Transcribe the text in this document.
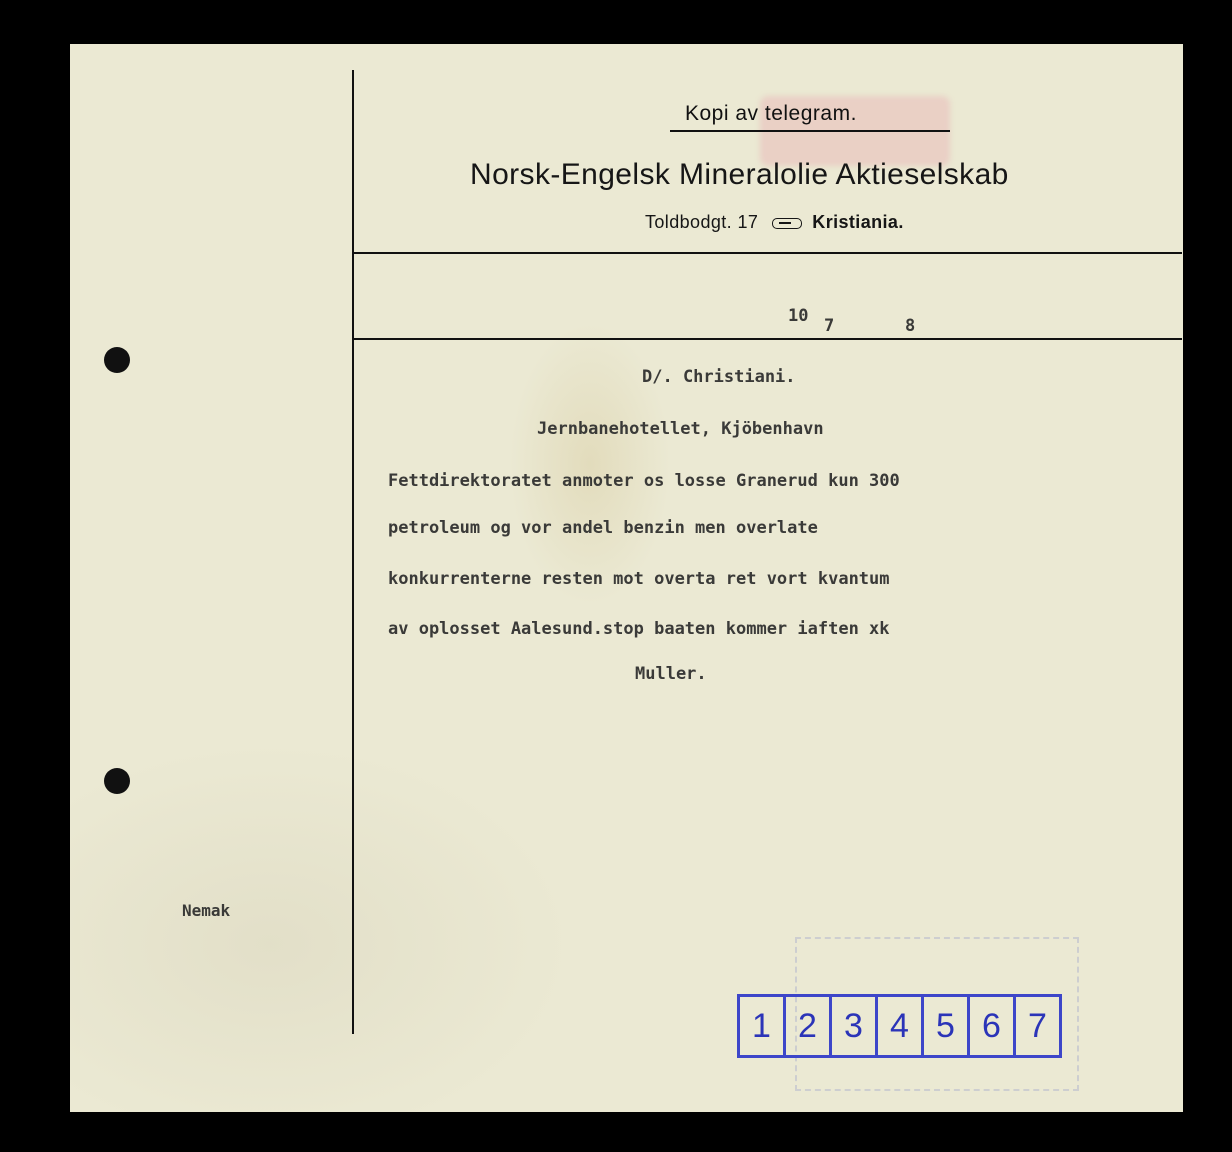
Kopi av telegram.
Norsk-Engelsk Mineralolie Aktieselskab
Toldbodgt. 17	Kristiania.
10 7	8
D/. Christiani.
Jernbanehotellet, Kjöbenhavn
Fettdirektoratet anmoter os losse Granerud kun 300
petroleum og vor andel benzin men overlate
konkurrenterne resten mot overta ret vort kvantum
av oplosset Aalesund.stop baaten kommer iaften xk
Muller.
Nemak
1 2 3 4 5 6 7
